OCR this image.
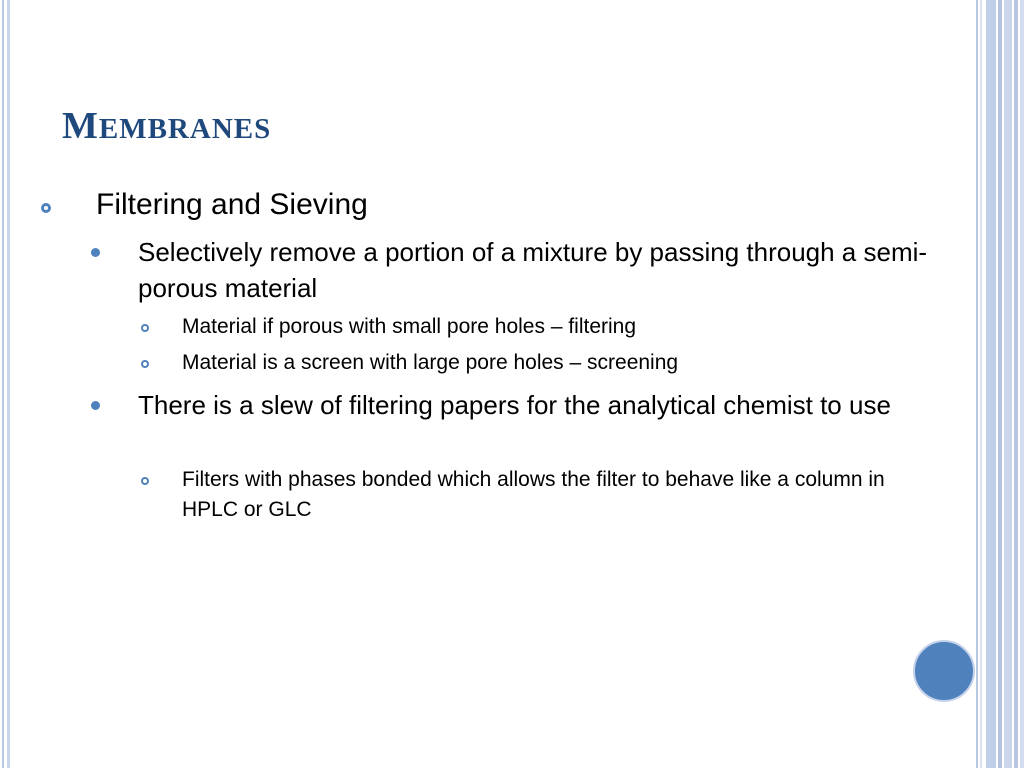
MEMBRANES
Filtering and Sieving
Selectively remove a portion of a mixture by passing through a semi-porous material
Material if porous with small pore holes – filtering
Material is a screen with large pore holes – screening
There is a slew of filtering papers for the analytical chemist to use
Filters with phases bonded which allows the filter to behave like a column in HPLC or GLC
